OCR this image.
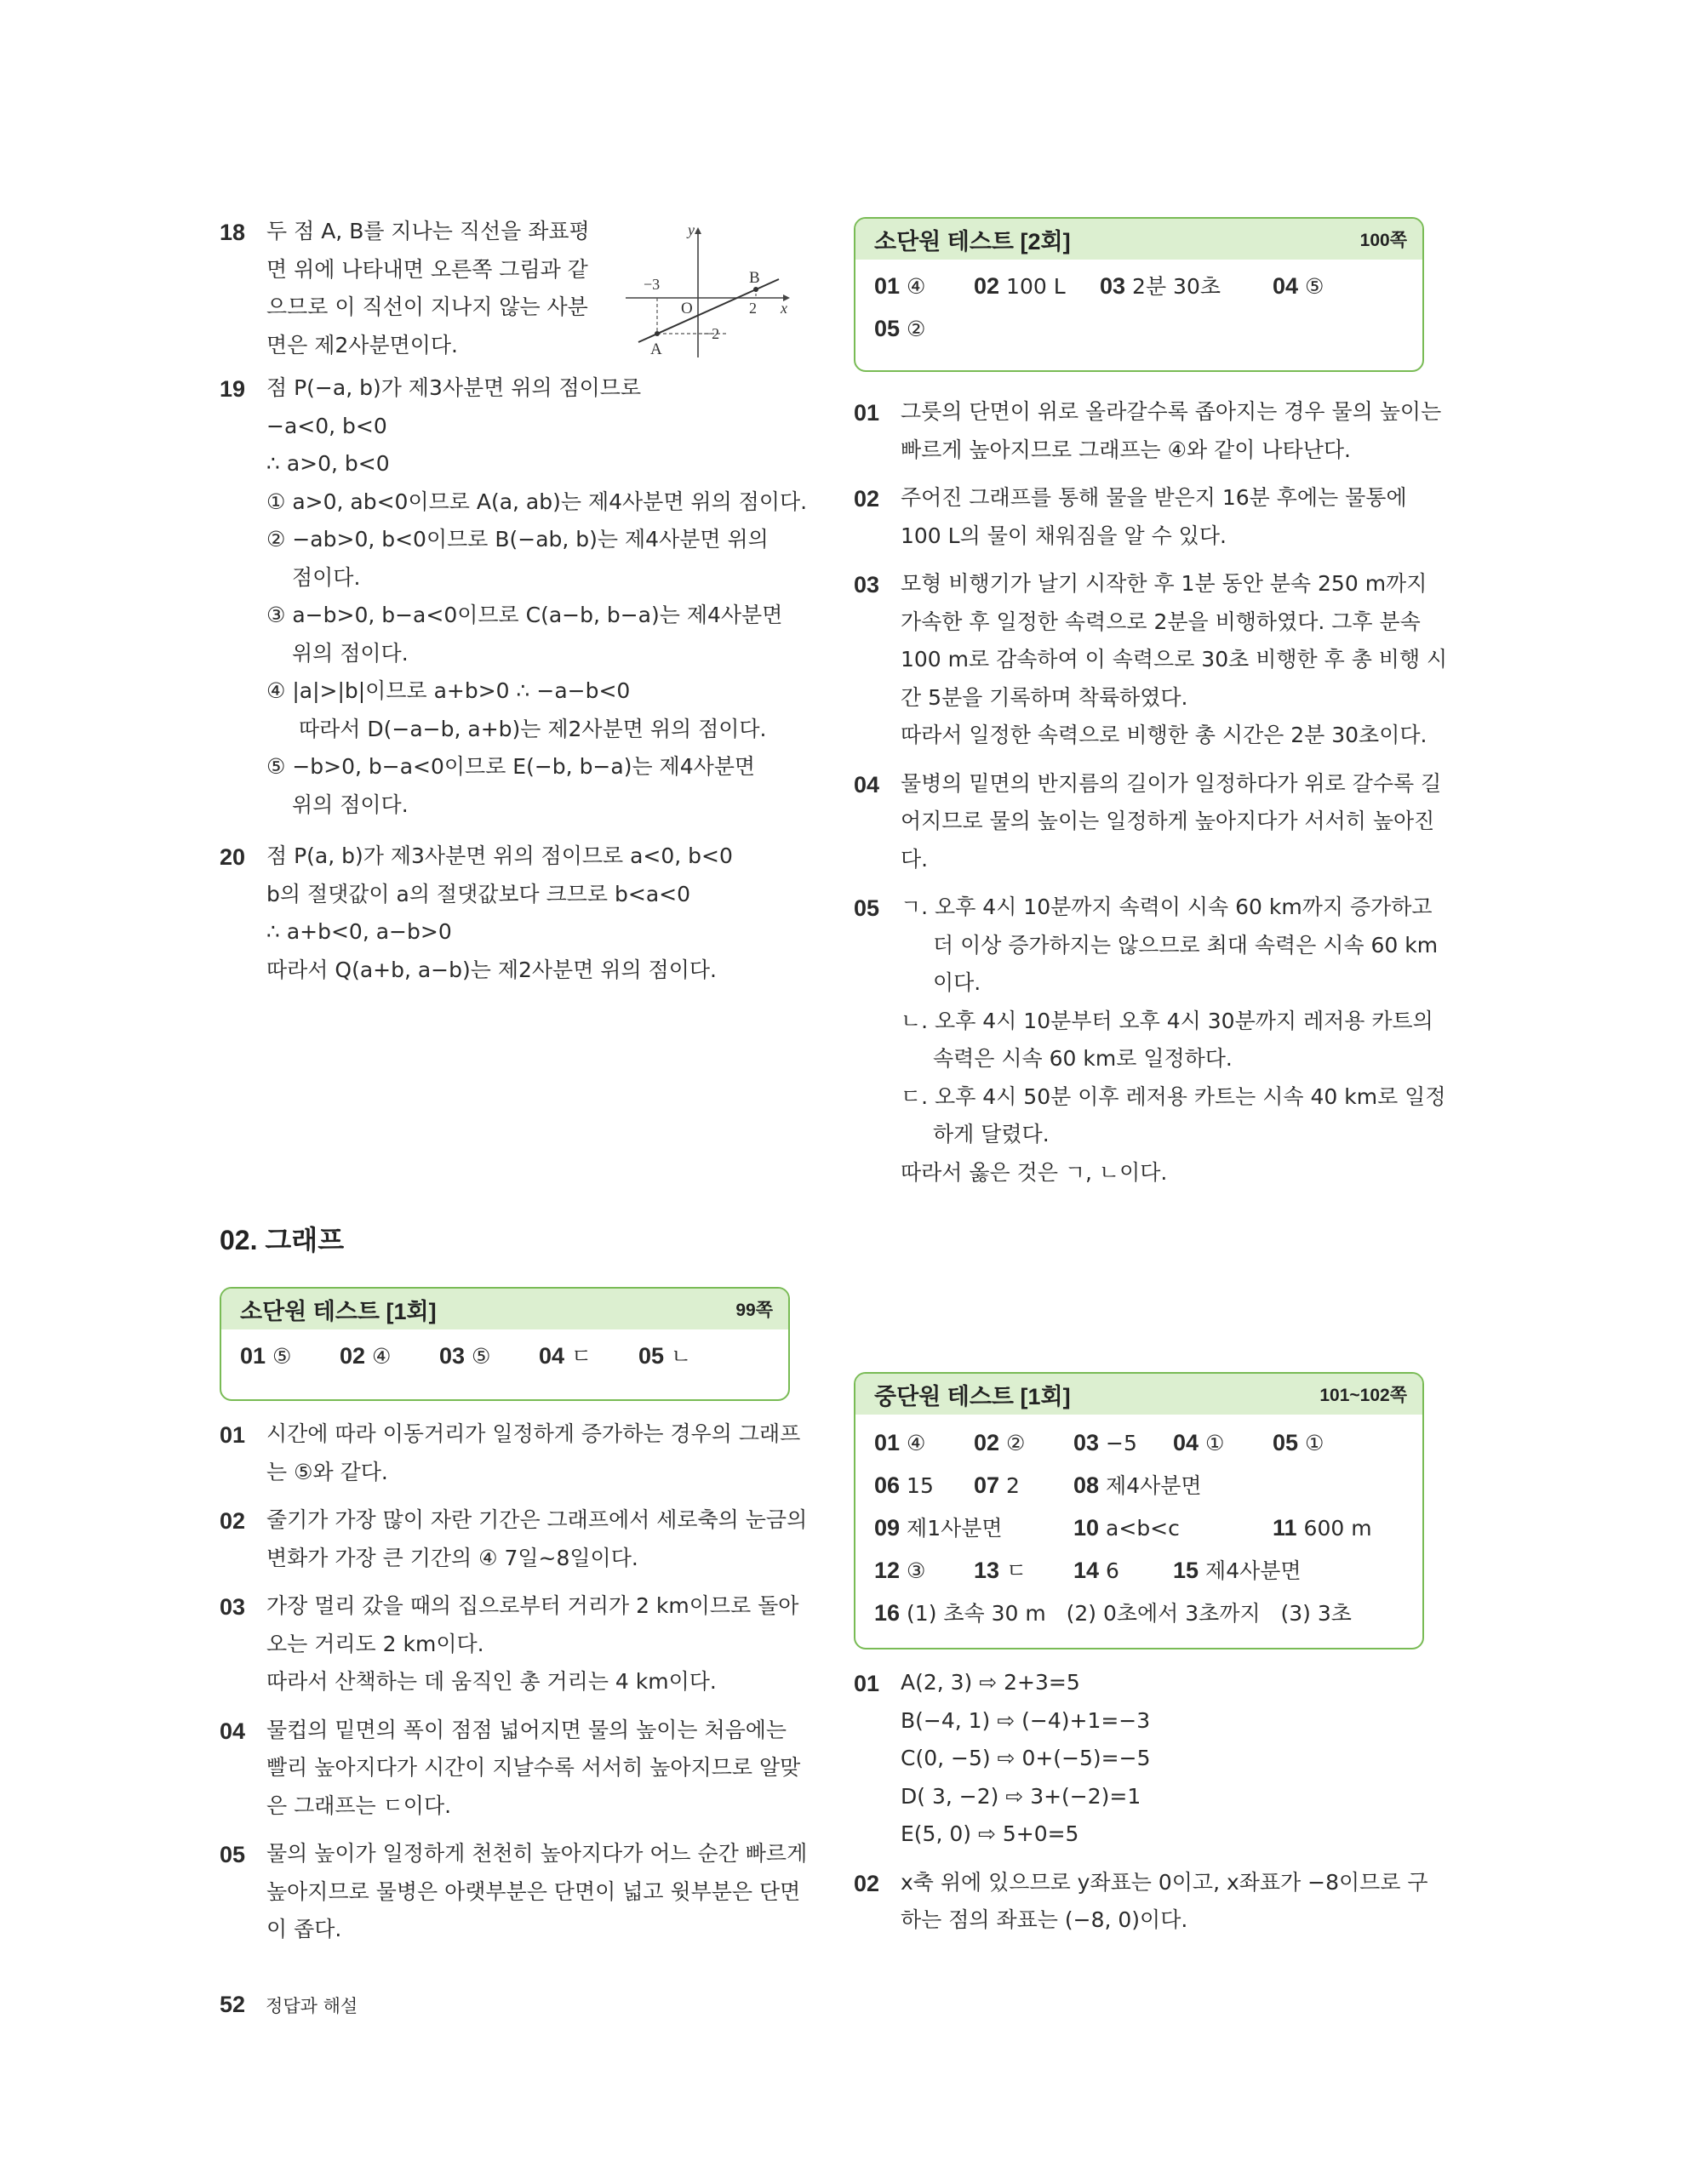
18 두 점 A, B를 지나는 직선을 좌표평
면 위에 나타내면 오른쪽 그림과 같
으므로 이 직선이 지나지 않는 사분
면은 제2사분면이다.
y
x
O
−3
2
−2
A
B
19 점 P(−a, b)가 제3사분면 위의 점이므로
−a<0, b<0
∴ a>0, b<0
① a>0, ab<0이므로 A(a, ab)는 제4사분면 위의 점이다.
② −ab>0, b<0이므로 B(−ab, b)는 제4사분면 위의
점이다.
③ a−b>0, b−a<0이므로 C(a−b, b−a)는 제4사분면
위의 점이다.
④ |a|>|b|이므로 a+b>0 ∴ −a−b<0
따라서 D(−a−b, a+b)는 제2사분면 위의 점이다.
⑤ −b>0, b−a<0이므로 E(−b, b−a)는 제4사분면
위의 점이다.
20 점 P(a, b)가 제3사분면 위의 점이므로 a<0, b<0
b의 절댓값이 a의 절댓값보다 크므로 b<a<0
∴ a+b<0, a−b>0
따라서 Q(a+b, a−b)는 제2사분면 위의 점이다.
02. 그래프
소단원 테스트 [1회]	99쪽
01 ⑤ 02 ④ 03 ⑤ 04 ㄷ 05 ㄴ
01 시간에 따라 이동거리가 일정하게 증가하는 경우의 그래프
는 ⑤와 같다.
02 줄기가 가장 많이 자란 기간은 그래프에서 세로축의 눈금의
변화가 가장 큰 기간의 ④ 7일~8일이다.
03 가장 멀리 갔을 때의 집으로부터 거리가 2 km이므로 돌아
오는 거리도 2 km이다.
따라서 산책하는 데 움직인 총 거리는 4 km이다.
04 물컵의 밑면의 폭이 점점 넓어지면 물의 높이는 처음에는
빨리 높아지다가 시간이 지날수록 서서히 높아지므로 알맞
은 그래프는 ㄷ이다.
05 물의 높이가 일정하게 천천히 높아지다가 어느 순간 빠르게
높아지므로 물병은 아랫부분은 단면이 넓고 윗부분은 단면
이 좁다.
소단원 테스트 [2회]	100쪽
01 ④ 02 100 L 03 2분 30초 04 ⑤
05 ②
01 그릇의 단면이 위로 올라갈수록 좁아지는 경우 물의 높이는
빠르게 높아지므로 그래프는 ④와 같이 나타난다.
02 주어진 그래프를 통해 물을 받은지 16분 후에는 물통에
100 L의 물이 채워짐을 알 수 있다.
03 모형 비행기가 날기 시작한 후 1분 동안 분속 250 m까지
가속한 후 일정한 속력으로 2분을 비행하였다. 그후 분속
100 m로 감속하여 이 속력으로 30초 비행한 후 총 비행 시
간 5분을 기록하며 착륙하였다.
따라서 일정한 속력으로 비행한 총 시간은 2분 30초이다.
04 물병의 밑면의 반지름의 길이가 일정하다가 위로 갈수록 길
어지므로 물의 높이는 일정하게 높아지다가 서서히 높아진
다.
05 ㄱ. 오후 4시 10분까지 속력이 시속 60 km까지 증가하고
더 이상 증가하지는 않으므로 최대 속력은 시속 60 km
이다.
ㄴ. 오후 4시 10분부터 오후 4시 30분까지 레저용 카트의
속력은 시속 60 km로 일정하다.
ㄷ. 오후 4시 50분 이후 레저용 카트는 시속 40 km로 일정
하게 달렸다.
따라서 옳은 것은 ㄱ, ㄴ이다.
중단원 테스트 [1회]	101~102쪽
01 ④ 02 ② 03 −5 04 ① 05 ①
06 15 07 2 08 제4사분면
09 제1사분면	10 a<b<c	11 600 m
12 ③ 13 ㄷ 14 6 15 제4사분면
16 (1) 초속 30 m   (2) 0초에서 3초까지   (3) 3초
01 A(2, 3) ⇨ 2+3=5
B(−4, 1) ⇨ (−4)+1=−3
C(0, −5) ⇨ 0+(−5)=−5
D( 3, −2) ⇨ 3+(−2)=1
E(5, 0) ⇨ 5+0=5
02 x축 위에 있으므로 y좌표는 0이고, x좌표가 −8이므로 구
하는 점의 좌표는 (−8, 0)이다.
52 정답과 해설
